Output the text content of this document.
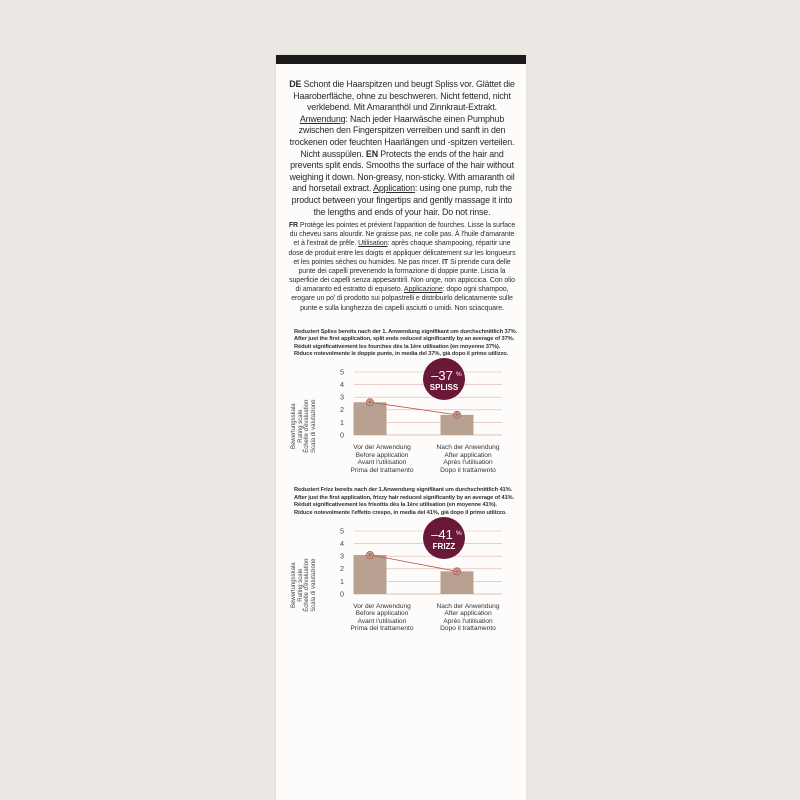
DE Schont die Haarspitzen und beugt Spliss vor. Glättet die Haaroberfläche, ohne zu beschweren. Nicht fettend, nicht verklebend. Mit Amaranthöl und Zinnkraut-Extrakt. Anwendung: Nach jeder Haarwäsche einen Pumphub zwischen den Fingerspitzen verreiben und sanft in den trockenen oder feuchten Haarlängen und -spitzen verteilen. Nicht ausspülen. EN Protects the ends of the hair and prevents split ends. Smooths the surface of the hair without weighing it down. Non-greasy, non-sticky. With amaranth oil and horsetail extract. Application: using one pump, rub the product between your fingertips and gently massage it into the lengths and ends of your hair. Do not rinse.
FR Protège les pointes et prévient l'apparition de fourches. Lisse la surface du cheveu sans alourdir. Ne graisse pas, ne colle pas. À l'huile d'amarante et à l'extrait de prêle. Utilisation: après chaque shampooing, répartir une dose de produit entre les doigts et appliquer délicatement sur les longueurs et les pointes sèches ou humides. Ne pas rincer. IT Si prende cura delle punte dei capelli prevenendo la formazione di doppie punte. Liscia la superficie dei capelli senza appesantirli. Non unge, non appiccica. Con olio di amaranto ed estratto di equiseto. Applicazione: dopo ogni shampoo, erogare un po' di prodotto sui polpastrelli e distribuirlo delicatamente sulle punte e sulla lunghezza dei capelli asciutti o umidi. Non sciacquare.
Reduziert Spliss bereits nach der 1. Anwendung signifikant um durchschnittlich 37%.
After just the first application, split ends reduced significantly by an average of 37%.
Réduit significativement les fourches dès la 1ère utilisation (en moyenne 37%).
Riduce notevolmente le doppie punte, in media del 37%, già dopo il primo utilizzo.
Bewertungsskala Rating scale Échelle d'évaluation Scala di valutazione	0
1
2
3
4
5	–37 %
SPLISS
Vor der Anwendung
Before application
Avant l'utilisation
Prima del trattamento
Nach der Anwendung
After application
Après l'utilisation
Dopo il trattamento
Reduziert Frizz bereits nach der 1.Anwendung signifikant um durchschnittlich 41%.
After just the first application, frizzy hair reduced significantly by an average of 41%.
Réduit significativement les frisottis dès la 1ère utilisation (en moyenne 41%).
Riduce notevolmente l'effetto crespo, in media del 41%, già dopo il primo utilizzo.
Bewertungsskala Rating scale Échelle d'évaluation Scala di valutazione	0
1
2
3
4
5	–41 %
FRIZZ
Vor der Anwendung
Before application
Avant l'utilisation
Prima del trattamento
Nach der Anwendung
After application
Après l'utilisation
Dopo il trattamento
